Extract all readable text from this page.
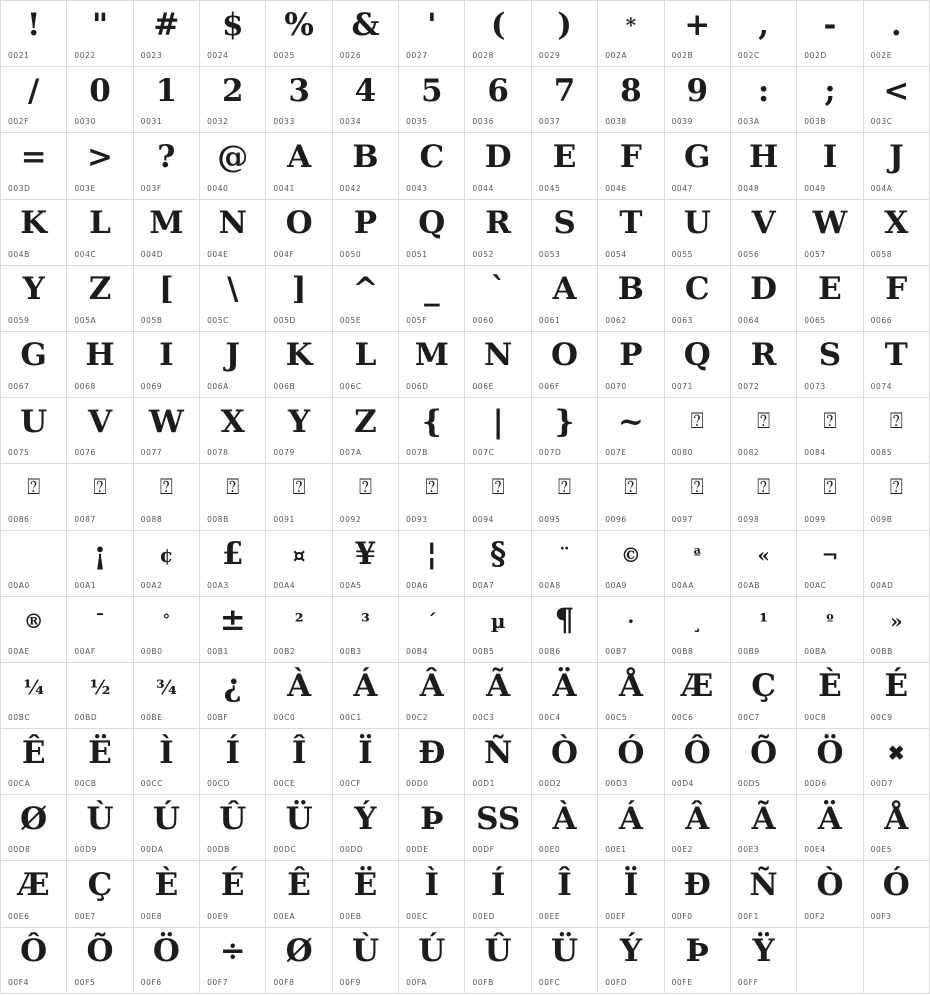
!
0021
"
0022
#
0023
$
0024
%
0025
&
0026
'
0027
(
0028
)
0029
*
002A
+
002B
,
002C
-
002D
.
002E
/
002F
0
0030
1
0031
2
0032
3
0033
4
0034
5
0035
6
0036
7
0037
8
0038
9
0039
:
003A
;
003B
<
003C
=
003D
>
003E
?
003F
@
0040
A
0041
B
0042
C
0043
D
0044
E
0045
F
0046
G
0047
H
0048
I
0049
J
004A
K
004B
L
004C
M
004D
N
004E
O
004F
P
0050
Q
0051
R
0052
S
0053
T
0054
U
0055
V
0056
W
0057
X
0058
Y
0059
Z
005A
[
005B
\
005C
]
005D
^
005E
_
005F
`
0060
A
0061
B
0062
C
0063
D
0064
E
0065
F
0066
G
0067
H
0068
I
0069
J
006A
K
006B
L
006C
M
006D
N
006E
O
006F
P
0070
Q
0071
R
0072
S
0073
T
0074
U
0075
V
0076
W
0077
X
0078
Y
0079
Z
007A
{
007B
|
007C
}
007D
~
007E
⍰
0080
⍰
0082
⍰
0084
⍰
0085
⍰
0086
⍰
0087
⍰
0088
⍰
008B
⍰
0091
⍰
0092
⍰
0093
⍰
0094
⍰
0095
⍰
0096
⍰
0097
⍰
0098
⍰
0099
⍰
009B
00A0
¡
00A1
¢
00A2
£
00A3
¤
00A4
¥
00A5
¦
00A6
§
00A7
¨
00A8
©
00A9
ª
00AA
«
00AB
¬
00AC	00AD
®
00AE
¯
00AF
°
00B0
±
00B1
²
00B2
³
00B3
´
00B4
µ
00B5
¶
00B6
·
00B7
¸
00B8
¹
00B9
º
00BA
»
00BB
¼
00BC
½
00BD
¾
00BE
¿
00BF
À
00C0
Á
00C1
Â
00C2
Ã
00C3
Ä
00C4
Å
00C5
Æ
00C6
Ç
00C7
È
00C8
É
00C9
Ê
00CA
Ë
00CB
Ì
00CC
Í
00CD
Î
00CE
Ï
00CF
Ð
00D0
Ñ
00D1
Ò
00D2
Ó
00D3
Ô
00D4
Õ
00D5
Ö
00D6
✖
00D7
Ø
00D8
Ù
00D9
Ú
00DA
Û
00DB
Ü
00DC
Ý
00DD
Þ
00DE
SS
00DF
À
00E0
Á
00E1
Â
00E2
Ã
00E3
Ä
00E4
Å
00E5
Æ
00E6
Ç
00E7
È
00E8
É
00E9
Ê
00EA
Ë
00EB
Ì
00EC
Í
00ED
Î
00EE
Ï
00EF
Ð
00F0
Ñ
00F1
Ò
00F2
Ó
00F3
Ô
00F4
Õ
00F5
Ö
00F6
÷
00F7
Ø
00F8
Ù
00F9
Ú
00FA
Û
00FB
Ü
00FC
Ý
00FD
Þ
00FE
Ÿ
00FF
